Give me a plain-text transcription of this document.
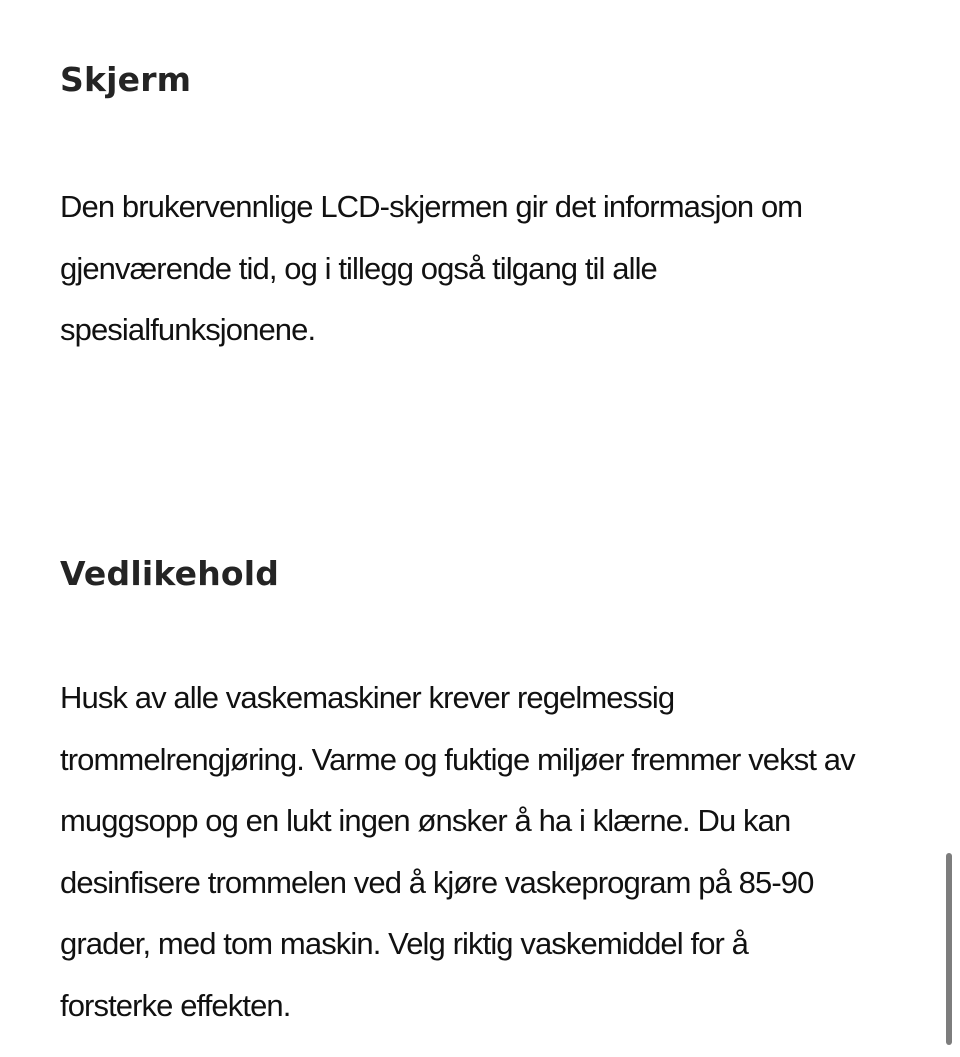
Skjerm

Den brukervennlige LCD-skjermen gir det informasjon om
gjenværende tid, og i tillegg også tilgang til alle
spesialfunksjonene.

Vedlikehold

Husk av alle vaskemaskiner krever regelmessig
trommelrengjøring. Varme og fuktige miljøer fremmer vekst av
muggsopp og en lukt ingen ønsker å ha i klærne. Du kan
desinfisere trommelen ved å kjøre vaskeprogram på 85-90
grader, med tom maskin. Velg riktig vaskemiddel for å
forsterke effekten.
